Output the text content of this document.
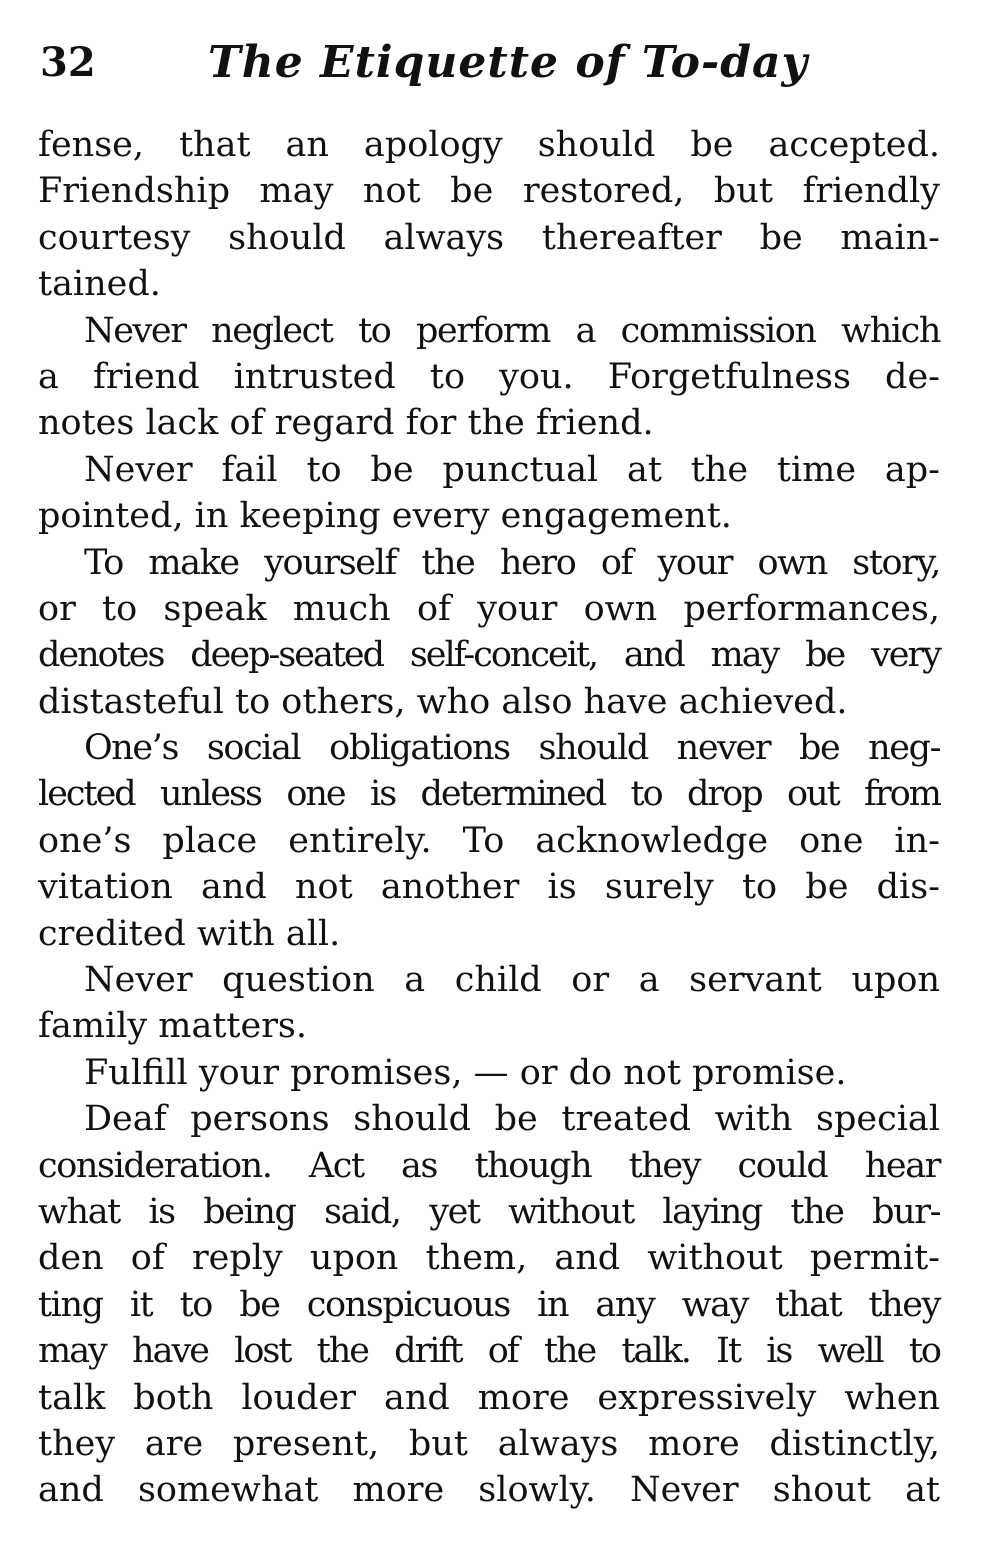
32	The Etiquette of To-day
fense, that an apology should be accepted.
Friendship may not be restored, but friendly
courtesy should always thereafter be main-
tained.
Never neglect to perform a commission which
a friend intrusted to you. Forgetfulness de-
notes lack of regard for the friend.
Never fail to be punctual at the time ap-
pointed, in keeping every engagement.
To make yourself the hero of your own story,
or to speak much of your own performances,
denotes deep-seated self-conceit, and may be very
distasteful to others, who also have achieved.
One’s social obligations should never be neg-
lected unless one is determined to drop out from
one’s place entirely. To acknowledge one in-
vitation and not another is surely to be dis-
credited with all.
Never question a child or a servant upon
family matters.
Fulfill your promises, — or do not promise.
Deaf persons should be treated with special
consideration. Act as though they could hear
what is being said, yet without laying the bur-
den of reply upon them, and without permit-
ting it to be conspicuous in any way that they
may have lost the drift of the talk. It is well to
talk both louder and more expressively when
they are present, but always more distinctly,
and somewhat more slowly. Never shout at
